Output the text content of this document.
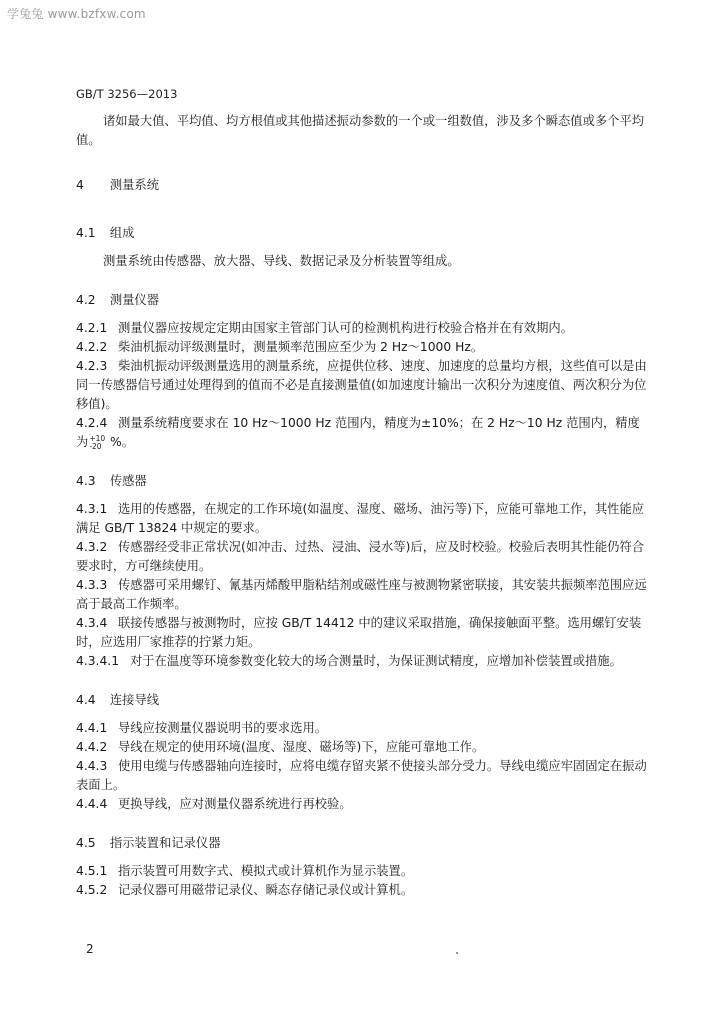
学兔兔 www.bzfxw.com
GB/T 3256—2013

诸如最大值、平均值、均方根值或其他描述振动参数的一个或一组数值，涉及多个瞬态值或多个平均值。

4 测量系统

4.1 组成

测量系统由传感器、放大器、导线、数据记录及分析装置等组成。

4.2 测量仪器

4.2.1 测量仪器应按规定定期由国家主管部门认可的检测机构进行校验合格并在有效期内。

4.2.2 柴油机振动评级测量时，测量频率范围应至少为 2 Hz～1000 Hz。

4.2.3 柴油机振动评级测量选用的测量系统，应提供位移、速度、加速度的总量均方根，这些值可以是由同一传感器信号通过处理得到的值而不必是直接测量值(如加速度计输出一次积分为速度值、两次积分为位移值)。

4.2.4 测量系统精度要求在 10 Hz～1000 Hz 范围内，精度为±10%；在 2 Hz～10 Hz 范围内，精度为 +10
-20 %。

4.3 传感器

4.3.1 选用的传感器，在规定的工作环境(如温度、湿度、磁场、油污等)下，应能可靠地工作，其性能应满足 GB/T 13824 中规定的要求。

4.3.2 传感器经受非正常状况(如冲击、过热、浸油、浸水等)后，应及时校验。校验后表明其性能仍符合要求时，方可继续使用。

4.3.3 传感器可采用螺钉、氰基丙烯酸甲脂粘结剂或磁性座与被测物紧密联接，其安装共振频率范围应远高于最高工作频率。

4.3.4 联接传感器与被测物时，应按 GB/T 14412 中的建议采取措施，确保接触面平整。选用螺钉安装时，应选用厂家推荐的拧紧力矩。

4.3.4.1 对于在温度等环境参数变化较大的场合测量时，为保证测试精度，应增加补偿装置或措施。

4.4 连接导线

4.4.1 导线应按测量仪器说明书的要求选用。

4.4.2 导线在规定的使用环境(温度、湿度、磁场等)下，应能可靠地工作。

4.4.3 使用电缆与传感器轴向连接时，应将电缆存留夹紧不使接头部分受力。导线电缆应牢固固定在振动表面上。

4.4.4 更换导线，应对测量仪器系统进行再校验。

4.5 指示装置和记录仪器

4.5.1 指示装置可用数字式、模拟式或计算机作为显示装置。

4.5.2 记录仪器可用磁带记录仪、瞬态存储记录仪或计算机。

2
